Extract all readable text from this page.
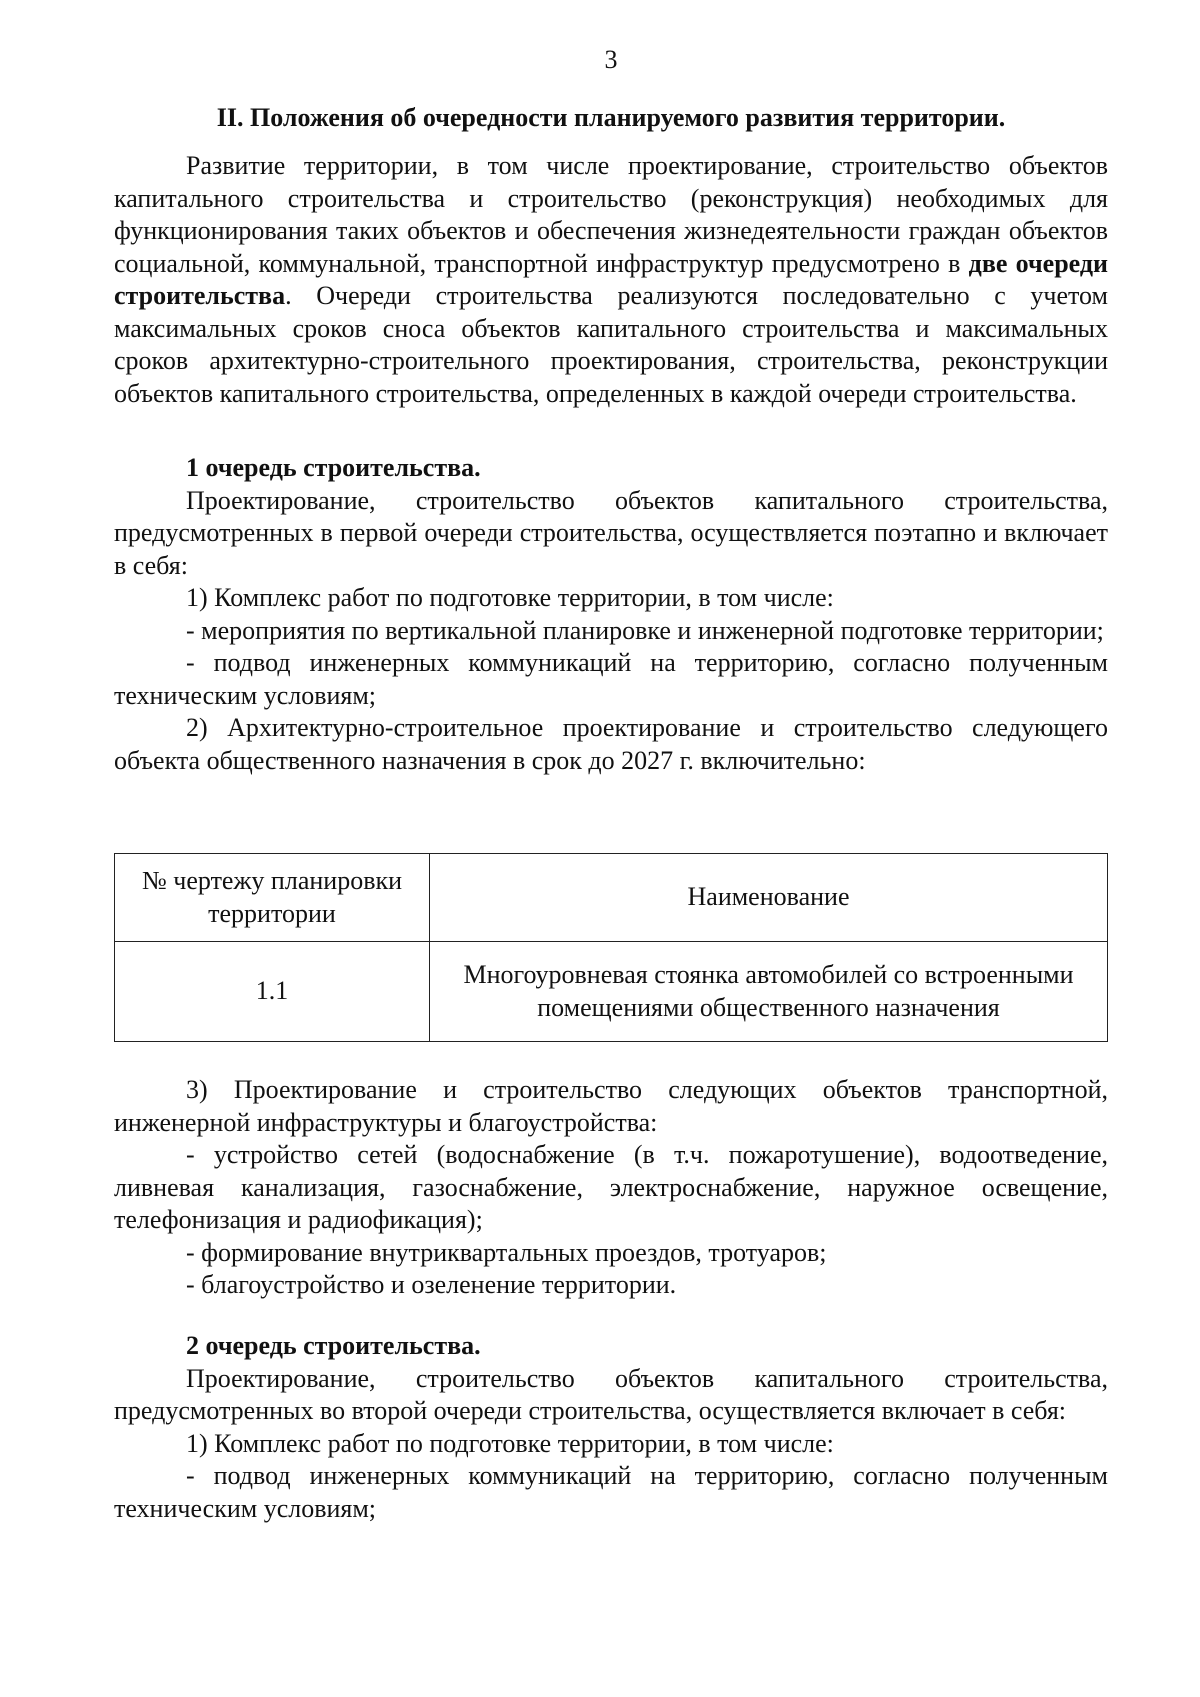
3
II. Положения об очередности планируемого развития территории.

Развитие территории, в том числе проектирование, строительство объектов капитального строительства и строительство (реконструкция) необходимых для функционирования таких объектов и обеспечения жизнедеятельности граждан объектов социальной, коммунальной, транспортной инфраструктур предусмотрено в две очереди строительства. Очереди строительства реализуются последовательно с учетом максимальных сроков сноса объектов капитального строительства и максимальных сроков архитектурно-строительного проектирования, строительства, реконструкции объектов капитального строительства, определенных в каждой очереди строительства.

1 очередь строительства.

Проектирование, строительство объектов капитального строительства, предусмотренных в первой очереди строительства, осуществляется поэтапно и включает в себя:

1) Комплекс работ по подготовке территории, в том числе:

- мероприятия по вертикальной планировке и инженерной подготовке территории;

- подвод инженерных коммуникаций на территорию, согласно полученным техническим условиям;

2) Архитектурно-строительное проектирование и строительство следующего объекта общественного назначения в срок до 2027 г. включительно:

№ чертежу планировки территории	Наименование
1.1	Многоуровневая стоянка автомобилей со встроенными помещениями общественного назначения

3) Проектирование и строительство следующих объектов транспортной, инженерной инфраструктуры и благоустройства:

- устройство сетей (водоснабжение (в т.ч. пожаротушение), водоотведение, ливневая канализация, газоснабжение, электроснабжение, наружное освещение, телефонизация и радиофикация);

- формирование внутриквартальных проездов, тротуаров;

- благоустройство и озеленение территории.

2 очередь строительства.

Проектирование, строительство объектов капитального строительства, предусмотренных во второй очереди строительства, осуществляется включает в себя:

1) Комплекс работ по подготовке территории, в том числе:

- подвод инженерных коммуникаций на территорию, согласно полученным техническим условиям;
